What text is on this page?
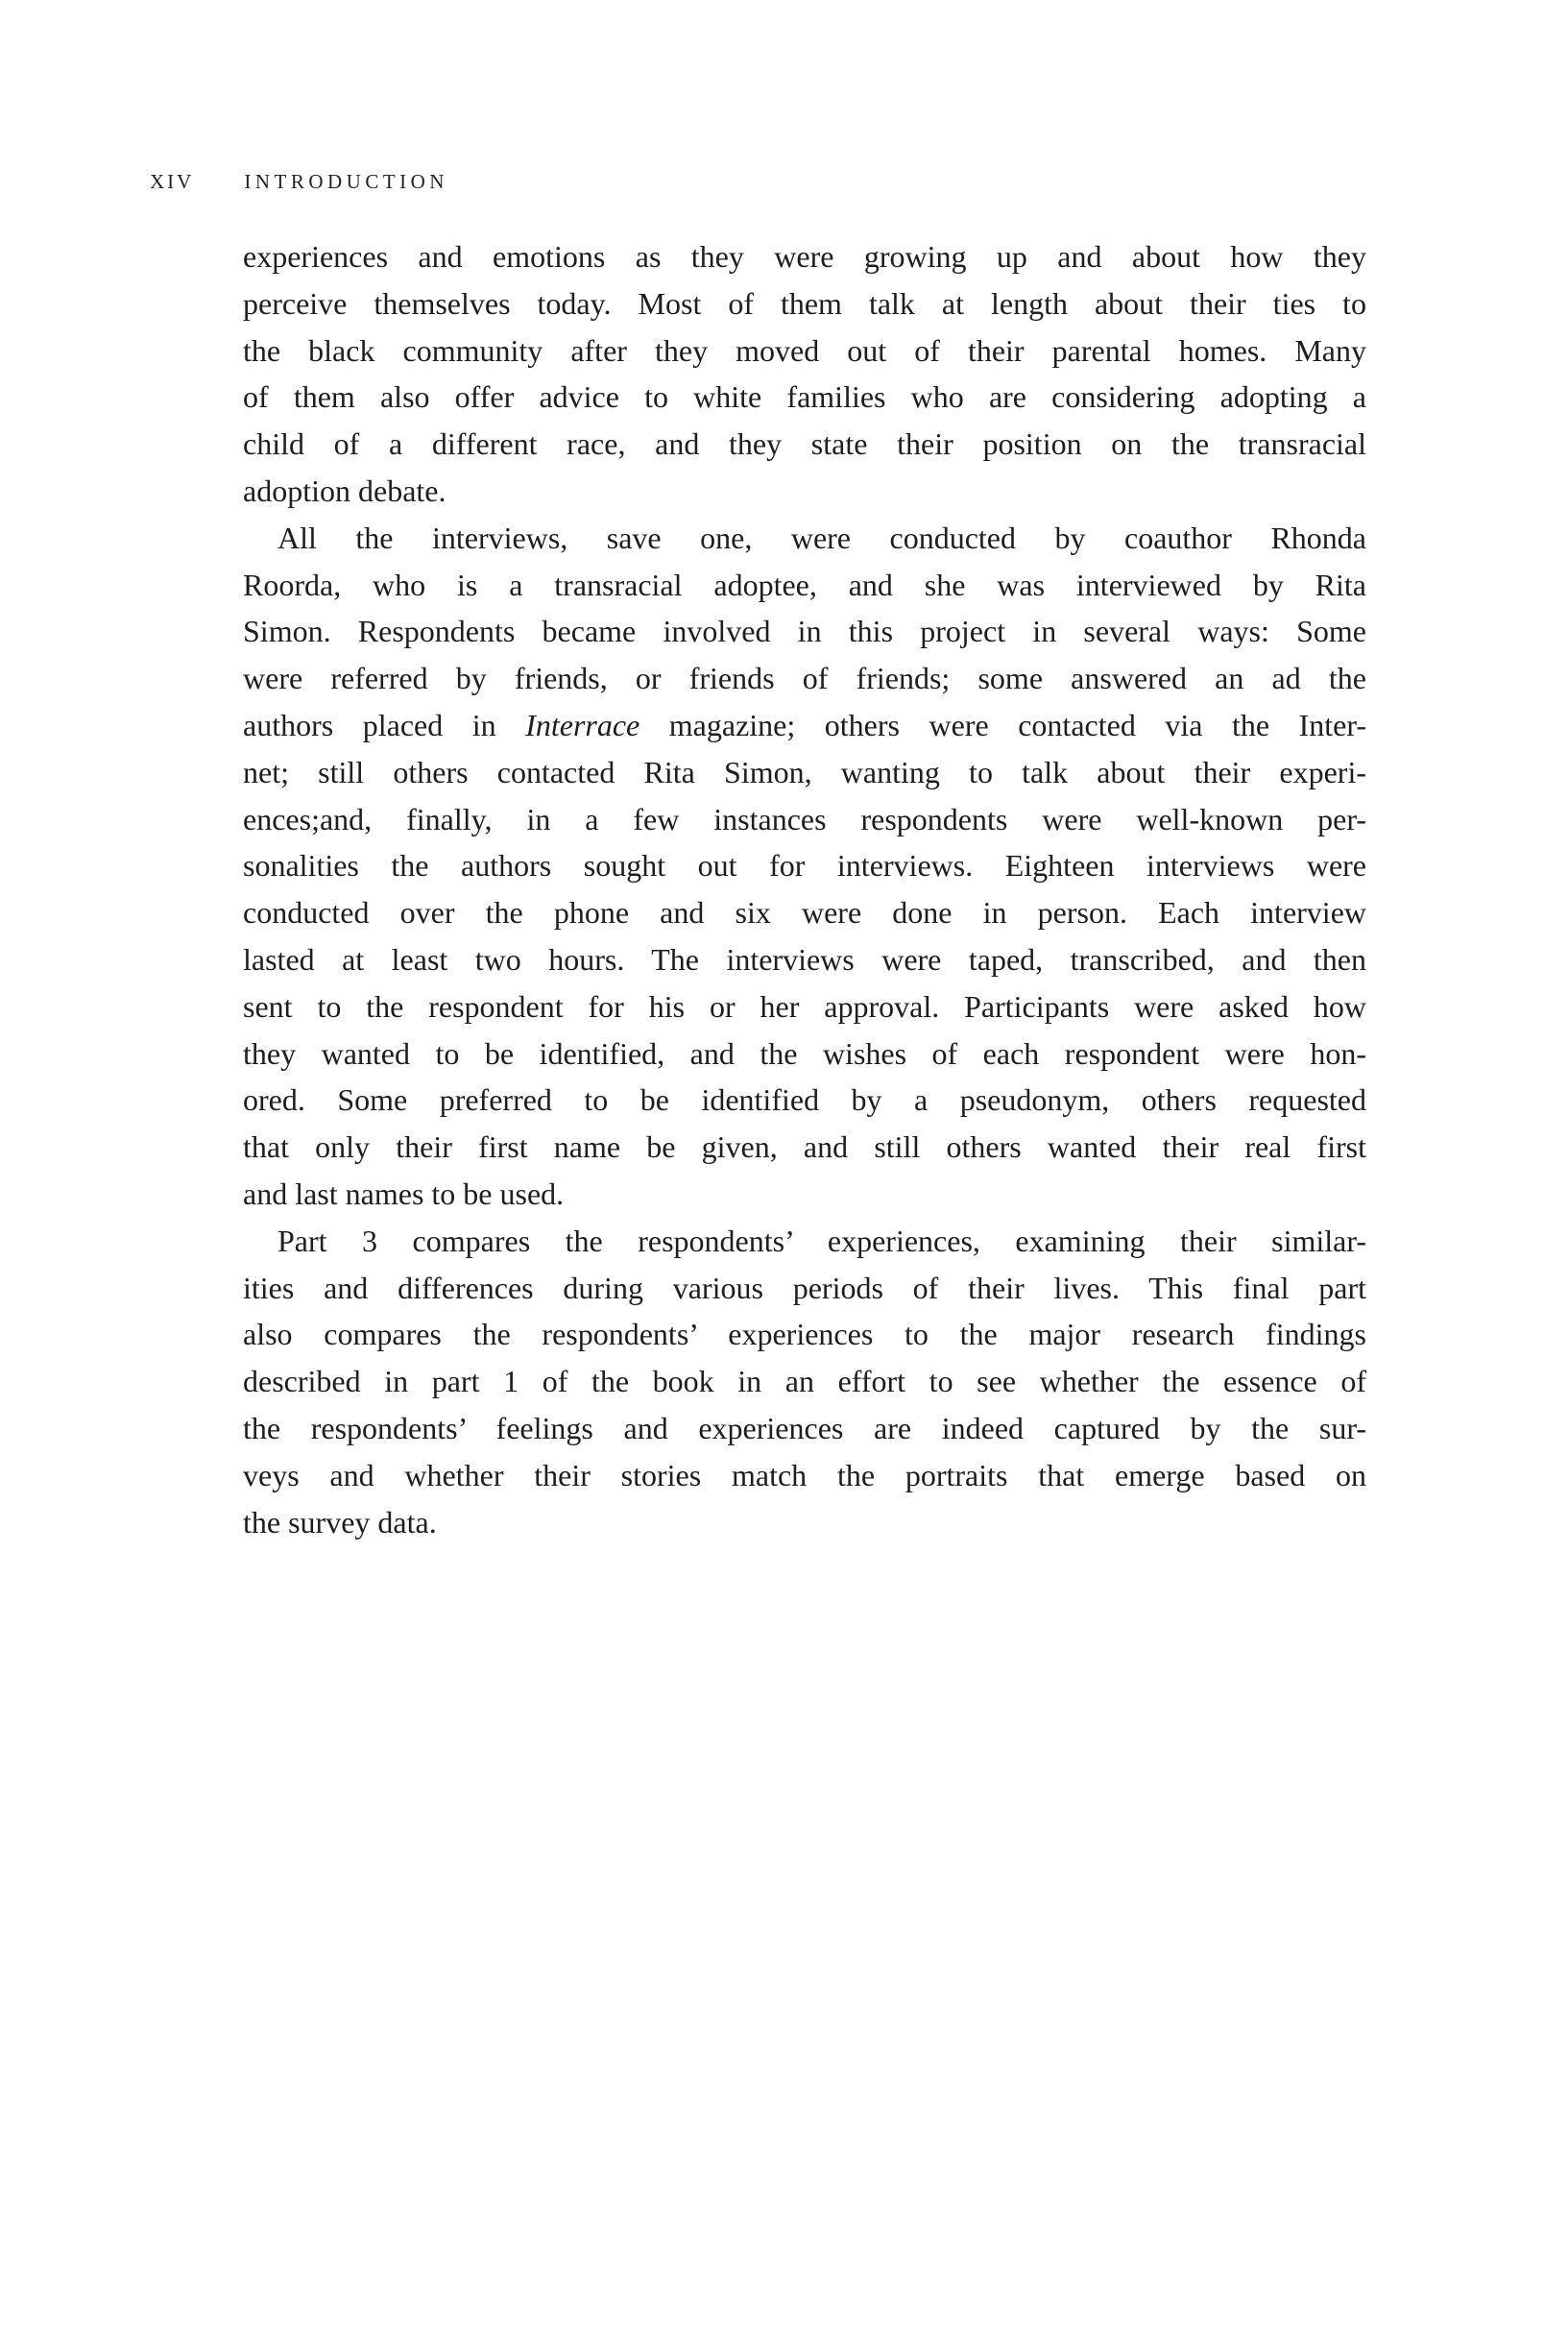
XIV INTRODUCTION
experiences and emotions as they were growing up and about how they
perceive themselves today. Most of them talk at length about their ties to
the black community after they moved out of their parental homes. Many
of them also offer advice to white families who are considering adopting a
child of a different race, and they state their position on the transracial
adoption debate.
All the interviews, save one, were conducted by coauthor Rhonda
Roorda, who is a transracial adoptee, and she was interviewed by Rita
Simon. Respondents became involved in this project in several ways: Some
were referred by friends, or friends of friends; some answered an ad the
authors placed in Interrace magazine; others were contacted via the Inter-
net; still others contacted Rita Simon, wanting to talk about their experi-
ences;and, finally, in a few instances respondents were well-known per-
sonalities the authors sought out for interviews. Eighteen interviews were
conducted over the phone and six were done in person. Each interview
lasted at least two hours. The interviews were taped, transcribed, and then
sent to the respondent for his or her approval. Participants were asked how
they wanted to be identified, and the wishes of each respondent were hon-
ored. Some preferred to be identified by a pseudonym, others requested
that only their first name be given, and still others wanted their real first
and last names to be used.
Part 3 compares the respondents’ experiences, examining their similar-
ities and differences during various periods of their lives. This final part
also compares the respondents’ experiences to the major research findings
described in part 1 of the book in an effort to see whether the essence of
the respondents’ feelings and experiences are indeed captured by the sur-
veys and whether their stories match the portraits that emerge based on
the survey data.
